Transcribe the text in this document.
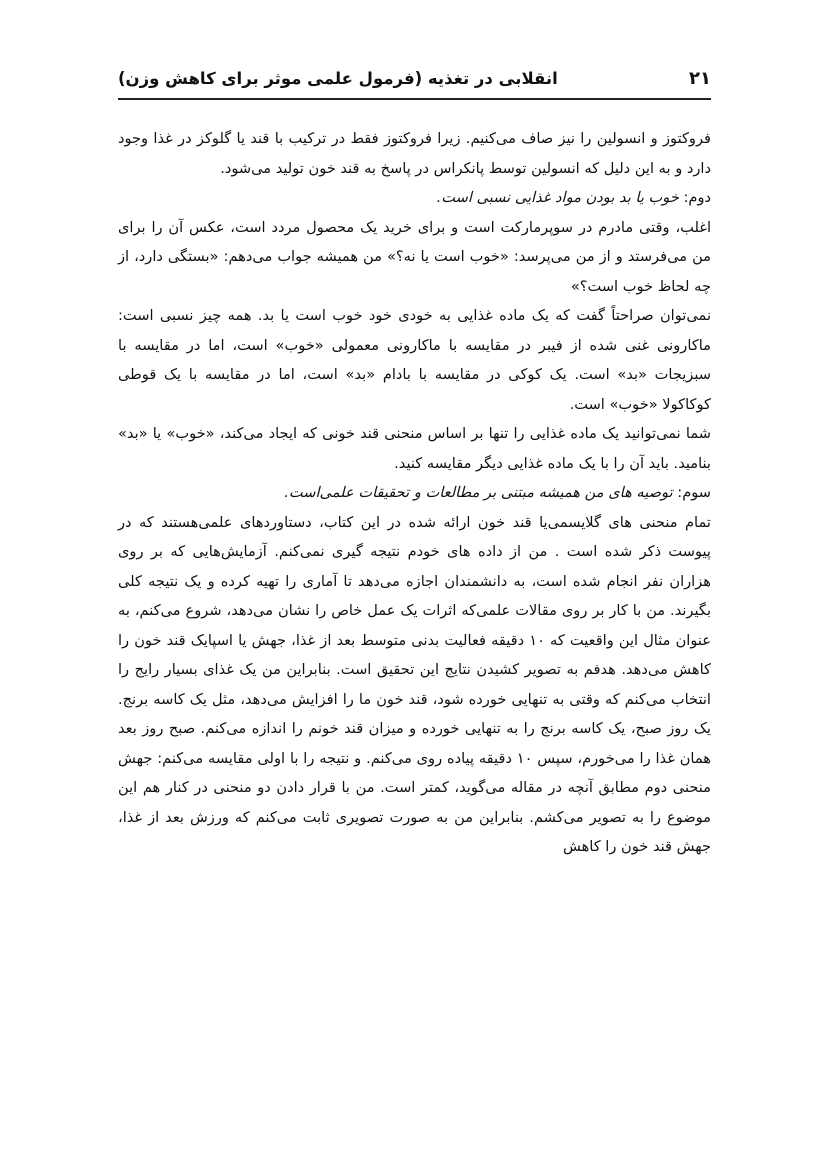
انقلابی در تغذیه (فرمول علمی موثر برای کاهش وزن)	۲۱

فروکتوز و انسولین را نیز صاف می‌کنیم. زیرا فروکتوز فقط در ترکیب با قند یا گلوکز در غذا وجود دارد و به این دلیل که انسولین توسط پانکراس در پاسخ به قند خون تولید می‌شود.

دوم: خوب یا بد بودن مواد غذایی نسبی است.

اغلب، وقتی مادرم در سوپرمارکت است و برای خرید یک محصول مردد است، عکس آن را برای من می‌فرستد و از من می‌پرسد: «خوب است یا نه؟» من همیشه جواب می‌دهم: «بستگی دارد، از چه لحاظ خوب است؟»

نمی‌توان صراحتاً گفت که یک ماده غذایی به خودی خود خوب است یا بد. همه چیز نسبی است: ماکارونی غنی شده از فیبر در مقایسه با ماکارونی معمولی «خوب» است، اما در مقایسه با سبزیجات «بد» است. یک کوکی در مقایسه با بادام «بد» است، اما در مقایسه با یک قوطی کوکاکولا «خوب» است.

شما نمی‌توانید یک ماده غذایی را تنها بر اساس منحنی قند خونی که ایجاد می‌کند، «خوب» یا «بد» بنامید. باید آن را با یک ماده غذایی دیگر مقایسه کنید.

سوم: توصیه های من همیشه مبتنی بر مطالعات و تحقیقات علمی‌است.

تمام منحنی های گلایسمی‌یا قند خون ارائه شده در این کتاب، دستاوردهای علمی‌هستند که در پیوست ذکر شده است . من از داده های خودم نتیجه گیری نمی‌کنم. آزمایش‌هایی که بر روی هزاران نفر انجام شده است، به دانشمندان اجازه می‌دهد تا آماری را تهیه کرده و یک نتیجه کلی بگیرند. من با کار بر روی مقالات علمی‌که اثرات یک عمل خاص را نشان می‌دهد، شروع می‌کنم، به عنوان مثال این واقعیت که ۱۰ دقیقه فعالیت بدنی متوسط بعد از غذا، جهش یا اسپایک قند خون را کاهش می‌دهد. هدفم به تصویر کشیدن نتایج این تحقیق است. بنابراین من یک غذای بسیار رایج را انتخاب می‌کنم که وقتی به تنهایی خورده شود، قند خون ما را افزایش می‌دهد، مثل یک کاسه برنج. یک روز صبح، یک کاسه برنج را به تنهایی خورده و میزان قند خونم را اندازه می‌کنم. صبح روز بعد همان غذا را می‌خورم، سپس ۱۰ دقیقه پیاده روی می‌کنم. و نتیجه را با اولی مقایسه می‌کنم: جهش منحنی دوم مطابق آنچه در مقاله می‌گوید، کمتر است. من با قرار دادن دو منحنی در کنار هم این موضوع را به تصویر می‌کشم. بنابراین من به صورت تصویری ثابت می‌کنم که ورزش بعد از غذا، جهش قند خون را کاهش
